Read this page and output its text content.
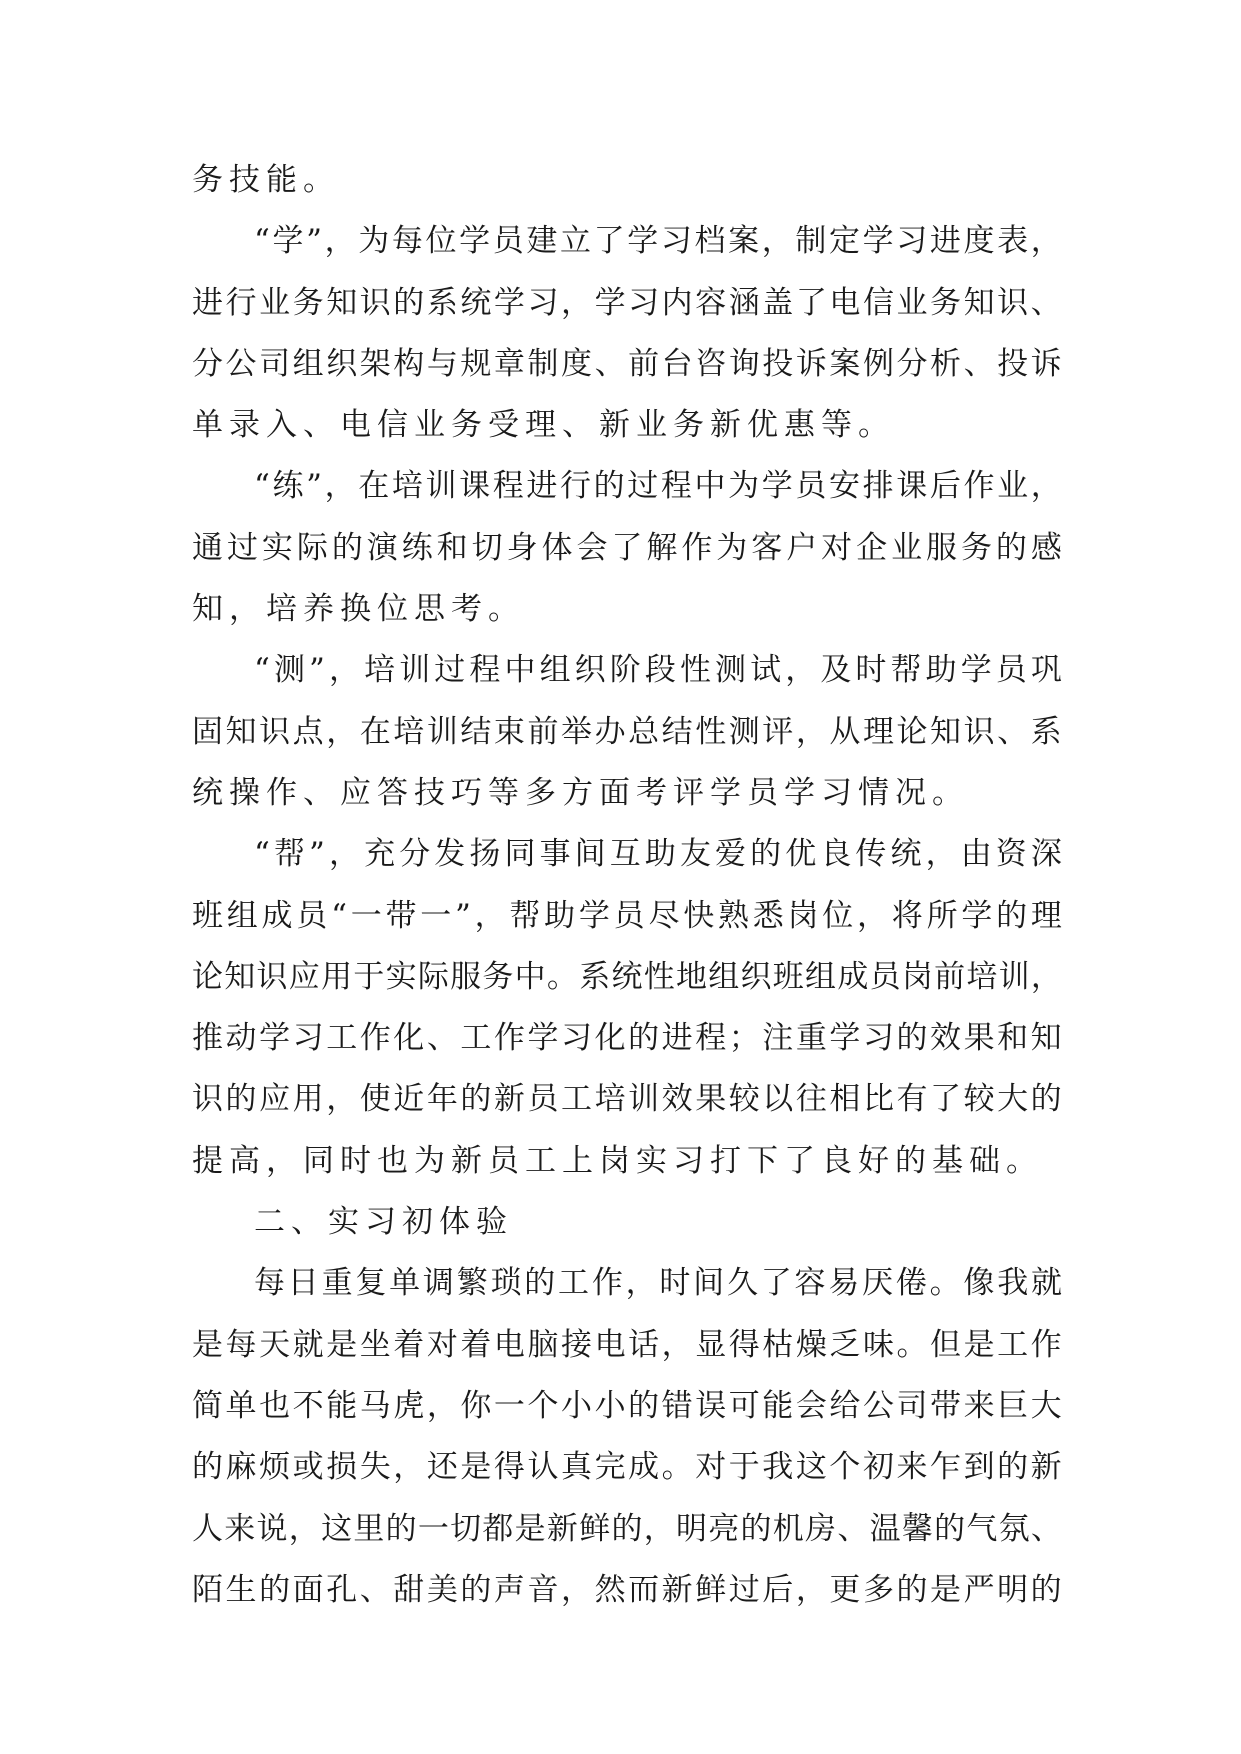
务技能。
“ 学 ” ， 为 每 位 学 员 建 立 了 学 习 档 案 ， 制 定 学 习 进 度 表 ，
进 行 业 务 知 识 的 系 统 学 习 ， 学 习 内 容 涵 盖 了 电 信 业 务 知 识 、
分 公 司 组 织 架 构 与 规 章 制 度 、 前 台 咨 询 投 诉 案 例 分 析 、 投 诉
单录入、电信业务受理、新业务新优惠等。
“ 练 ” ， 在 培 训 课 程 进 行 的 过 程 中 为 学 员 安 排 课 后 作 业 ，
通 过 实 际 的 演 练 和 切 身 体 会 了 解 作 为 客 户 对 企 业 服 务 的 感
知，培养换位思考。
“ 测 ” ， 培 训 过 程 中 组 织 阶 段 性 测 试 ， 及 时 帮 助 学 员 巩
固 知 识 点 ， 在 培 训 结 束 前 举 办 总 结 性 测 评 ， 从 理 论 知 识 、 系
统操作、应答技巧等多方面考评学员学习情况。
“ 帮 ” ， 充 分 发 扬 同 事 间 互 助 友 爱 的 优 良 传 统 ， 由 资 深
班 组 成 员 “ 一 带 一 ” ， 帮 助 学 员 尽 快 熟 悉 岗 位 ， 将 所 学 的 理
论 知 识 应 用 于 实 际 服 务 中 。 系 统 性 地 组 织 班 组 成 员 岗 前 培 训 ，
推 动 学 习 工 作 化 、 工 作 学 习 化 的 进 程 ； 注 重 学 习 的 效 果 和 知
识 的 应 用 ， 使 近 年 的 新 员 工 培 训 效 果 较 以 往 相 比 有 了 较 大 的
提高，同时也为新员工上岗实习打下了良好的基础。
二、实习初体验
每 日 重 复 单 调 繁 琐 的 工 作 ， 时 间 久 了 容 易 厌 倦 。 像 我 就
是 每 天 就 是 坐 着 对 着 电 脑 接 电 话 ， 显 得 枯 燥 乏 味 。 但 是 工 作
简 单 也 不 能 马 虎 ， 你 一 个 小 小 的 错 误 可 能 会 给 公 司 带 来 巨 大
的 麻 烦 或 损 失 ， 还 是 得 认 真 完 成 。 对 于 我 这 个 初 来 乍 到 的 新
人 来 说 ， 这 里 的 一 切 都 是 新 鲜 的 ， 明 亮 的 机 房 、 温 馨 的 气 氛 、
陌 生 的 面 孔 、 甜 美 的 声 音 ， 然 而 新 鲜 过 后 ， 更 多 的 是 严 明 的
